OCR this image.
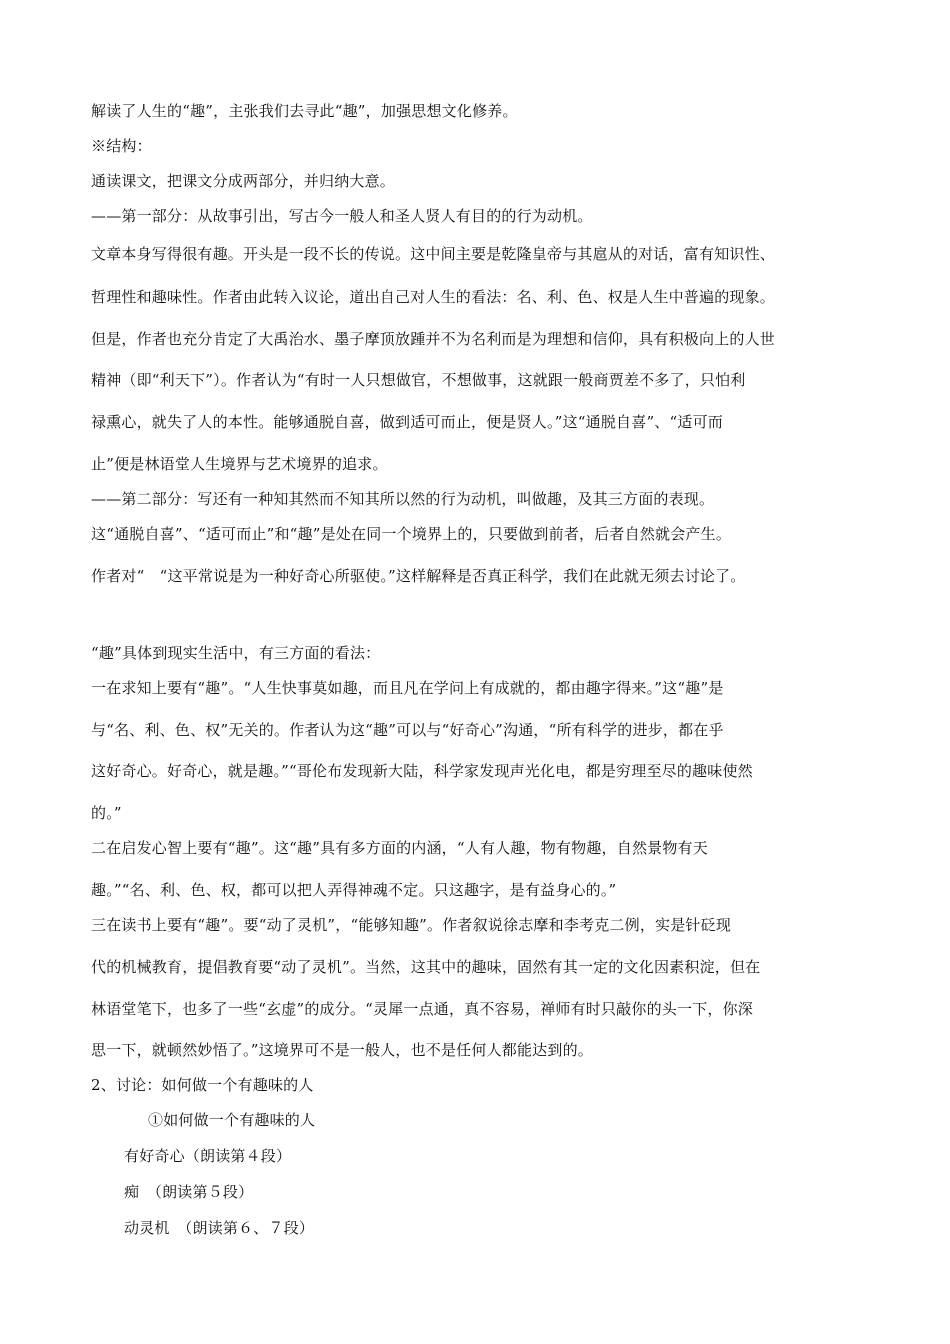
解读了人生的“趣”，主张我们去寻此“趣”，加强思想文化修养。
※结构：
通读课文，把课文分成两部分，并归纳大意。
——第一部分：从故事引出，写古今一般人和圣人贤人有目的的行为动机。
文章本身写得很有趣。开头是一段不长的传说。这中间主要是乾隆皇帝与其扈从的对话，富有知识性、
哲理性和趣味性。作者由此转入议论，道出自己对人生的看法：名、利、色、权是人生中普遍的现象。
但是，作者也充分肯定了大禹治水、墨子摩顶放踵并不为名利而是为理想和信仰，具有积极向上的人世
精神（即“利天下”）。作者认为“有时一人只想做官，不想做事，这就跟一般商贾差不多了，只怕利
禄熏心，就失了人的本性。能够通脱自喜，做到适可而止，便是贤人。”这“通脱自喜”、“适可而
止”便是林语堂人生境界与艺术境界的追求。
——第二部分：写还有一种知其然而不知其所以然的行为动机，叫做趣，及其三方面的表现。
这“通脱自喜”、“适可而止”和“趣”是处在同一个境界上的，只要做到前者，后者自然就会产生。
作者对“　“这平常说是为一种好奇心所驱使。”这样解释是否真正科学，我们在此就无须去讨论了。
“趣”具体到现实生活中，有三方面的看法：
一在求知上要有“趣”。“人生快事莫如趣，而且凡在学问上有成就的，都由趣字得来。”这“趣”是
与“名、利、色、权”无关的。作者认为这“趣”可以与“好奇心”沟通，“所有科学的进步，都在乎
这好奇心。好奇心，就是趣。”“哥伦布发现新大陆，科学家发现声光化电，都是穷理至尽的趣味使然
的。”
二在启发心智上要有“趣”。这“趣”具有多方面的内涵，“人有人趣，物有物趣，自然景物有天
趣。”“名、利、色、权，都可以把人弄得神魂不定。只这趣字，是有益身心的。”
三在读书上要有“趣”。要“动了灵机”，“能够知趣”。作者叙说徐志摩和李考克二例，实是针砭现
代的机械教育，提倡教育要“动了灵机”。当然，这其中的趣味，固然有其一定的文化因素积淀，但在
林语堂笔下，也多了一些“玄虚”的成分。“灵犀一点通，真不容易，禅师有时只敲你的头一下，你深
思一下，就顿然妙悟了。”这境界可不是一般人，也不是任何人都能达到的。
2、讨论：如何做一个有趣味的人
①如何做一个有趣味的人
有好奇心（朗读第４段）
痴　（朗读第５段）
动灵机　（朗读第６、７段）
